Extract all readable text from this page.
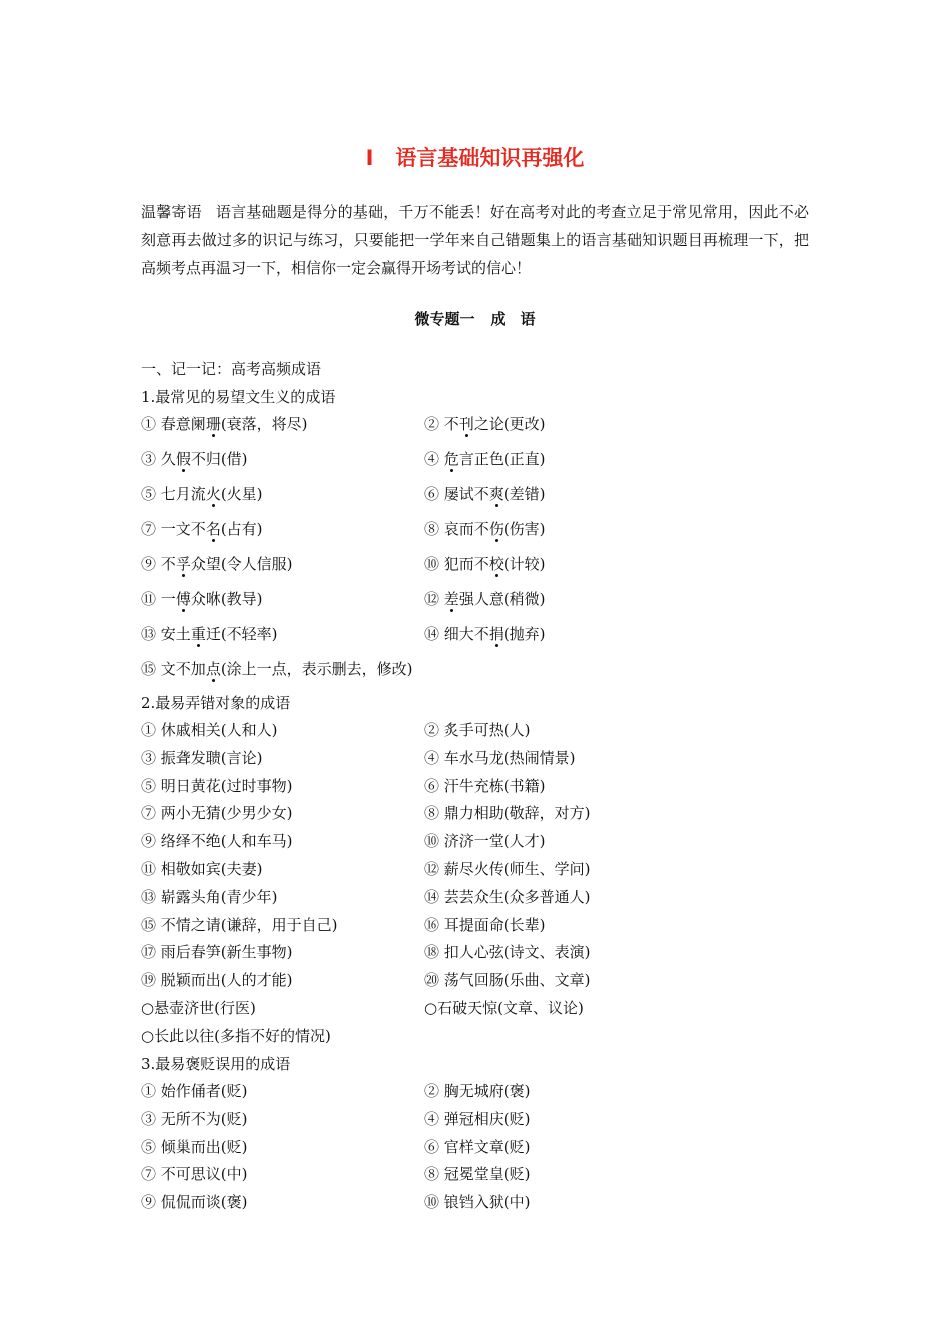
Ⅰ 语言基础知识再强化
温馨寄语 语言基础题是得分的基础，千万不能丢！好在高考对此的考查立足于常见常用，因此不必刻意再去做过多的识记与练习，只要能把一学年来自己错题集上的语言基础知识题目再梳理一下，把高频考点再温习一下，相信你一定会赢得开场考试的信心！
微专题一 成　语
一、记一记：高考高频成语
1.最常见的易望文生义的成语
① 春意阑珊(衰落，将尽)	② 不刊之论(更改)
③ 久假不归(借)	④ 危言正色(正直)
⑤ 七月流火(火星)	⑥ 屡试不爽(差错)
⑦ 一文不名(占有)	⑧ 哀而不伤(伤害)
⑨ 不孚众望(令人信服)	⑩ 犯而不校(计较)
⑪ 一傅众咻(教导)	⑫ 差强人意(稍微)
⑬ 安土重迁(不轻率)	⑭ 细大不捐(抛弃)
⑮ 文不加点(涂上一点，表示删去，修改)
2.最易弄错对象的成语
① 休戚相关(人和人)	② 炙手可热(人)
③ 振聋发聩(言论)	④ 车水马龙(热闹情景)
⑤ 明日黄花(过时事物)	⑥ 汗牛充栋(书籍)
⑦ 两小无猜(少男少女)	⑧ 鼎力相助(敬辞，对方)
⑨ 络绎不绝(人和车马)	⑩ 济济一堂(人才)
⑪ 相敬如宾(夫妻)	⑫ 薪尽火传(师生、学问)
⑬ 崭露头角(青少年)	⑭ 芸芸众生(众多普通人)
⑮ 不情之请(谦辞，用于自己)	⑯ 耳提面命(长辈)
⑰ 雨后春笋(新生事物)	⑱ 扣人心弦(诗文、表演)
⑲ 脱颖而出(人的才能)	⑳ 荡气回肠(乐曲、文章)
○悬壶济世(行医)	○石破天惊(文章、议论)
○长此以往(多指不好的情况)
3.最易褒贬误用的成语
① 始作俑者(贬)	② 胸无城府(褒)
③ 无所不为(贬)	④ 弹冠相庆(贬)
⑤ 倾巢而出(贬)	⑥ 官样文章(贬)
⑦ 不可思议(中)	⑧ 冠冕堂皇(贬)
⑨ 侃侃而谈(褒)	⑩ 锒铛入狱(中)
